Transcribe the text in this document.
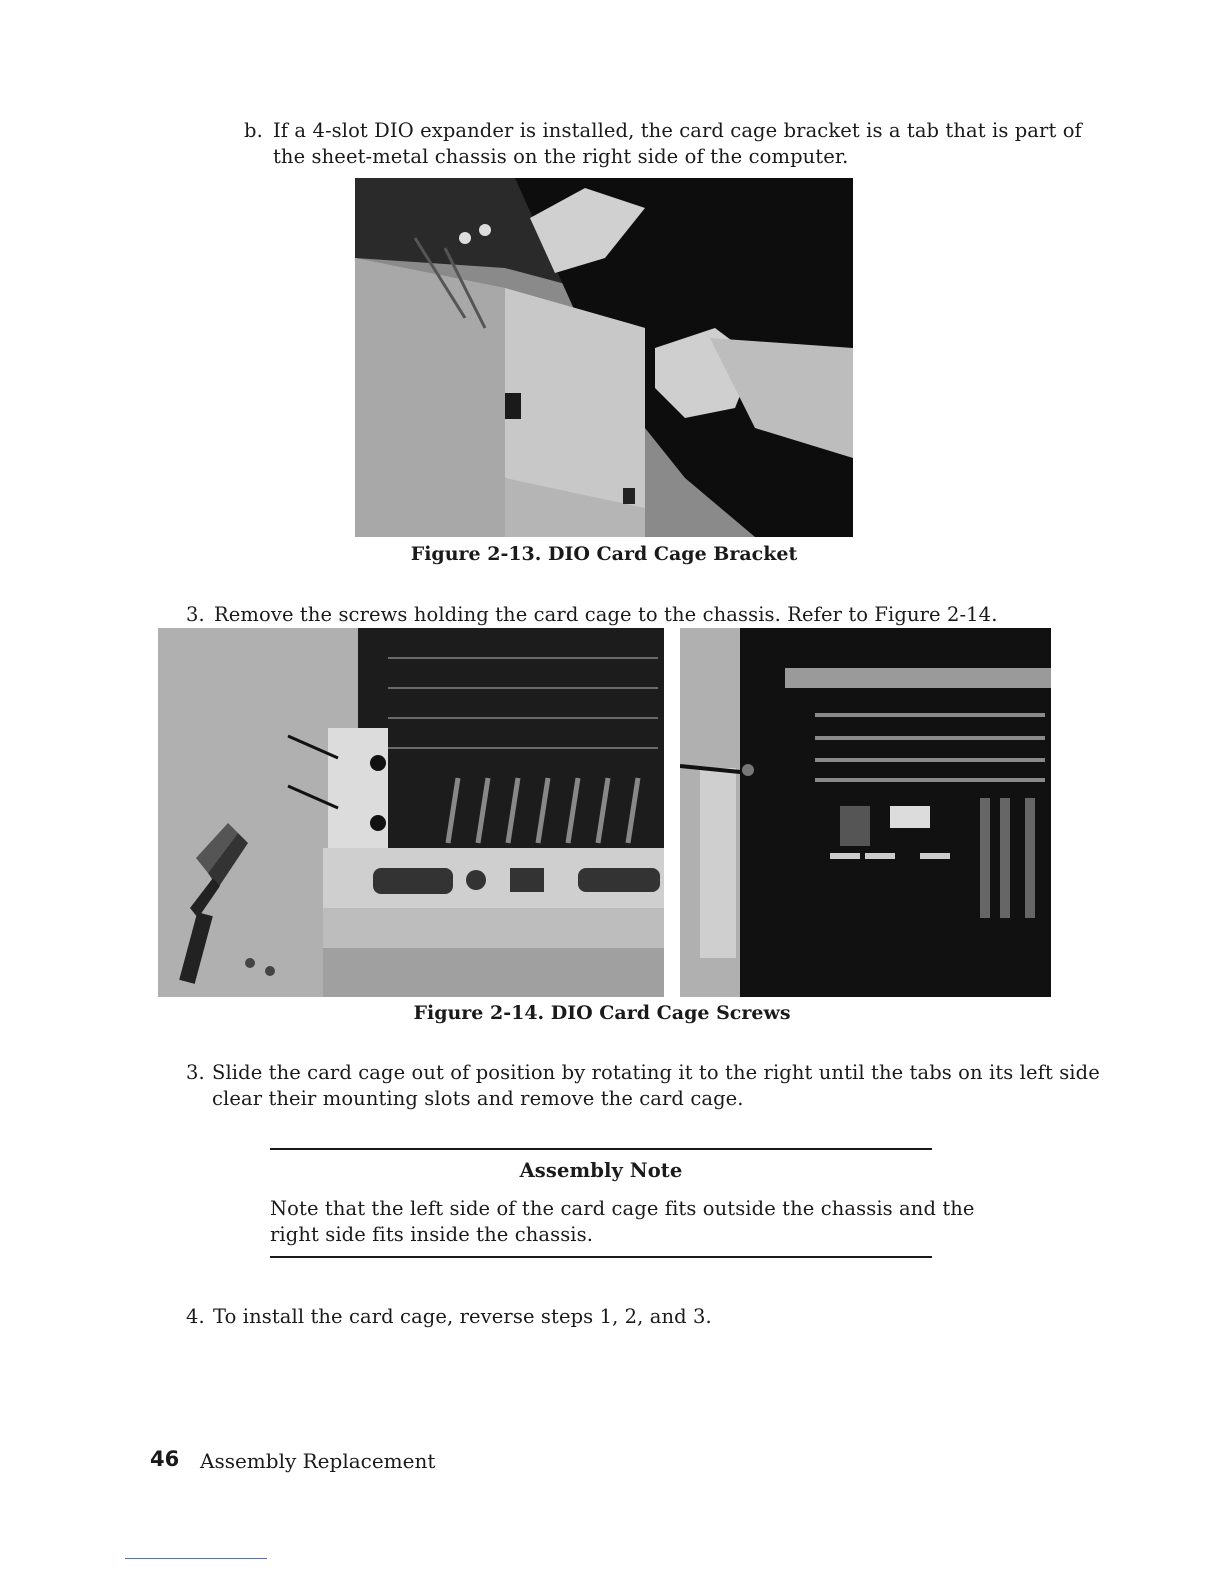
b. If a 4-slot DIO expander is installed, the card cage bracket is a tab that is part of
the sheet-metal chassis on the right side of the computer.
Figure 2-13. DIO Card Cage Bracket
3. Remove the screws holding the card cage to the chassis. Refer to Figure 2-14.
Figure 2-14. DIO Card Cage Screws
3. Slide the card cage out of position by rotating it to the right until the tabs on its left side
clear their mounting slots and remove the card cage.
Assembly Note
Note that the left side of the card cage fits outside the chassis and the
right side fits inside the chassis.
4. To install the card cage, reverse steps 1, 2, and 3.
46 Assembly Replacement
